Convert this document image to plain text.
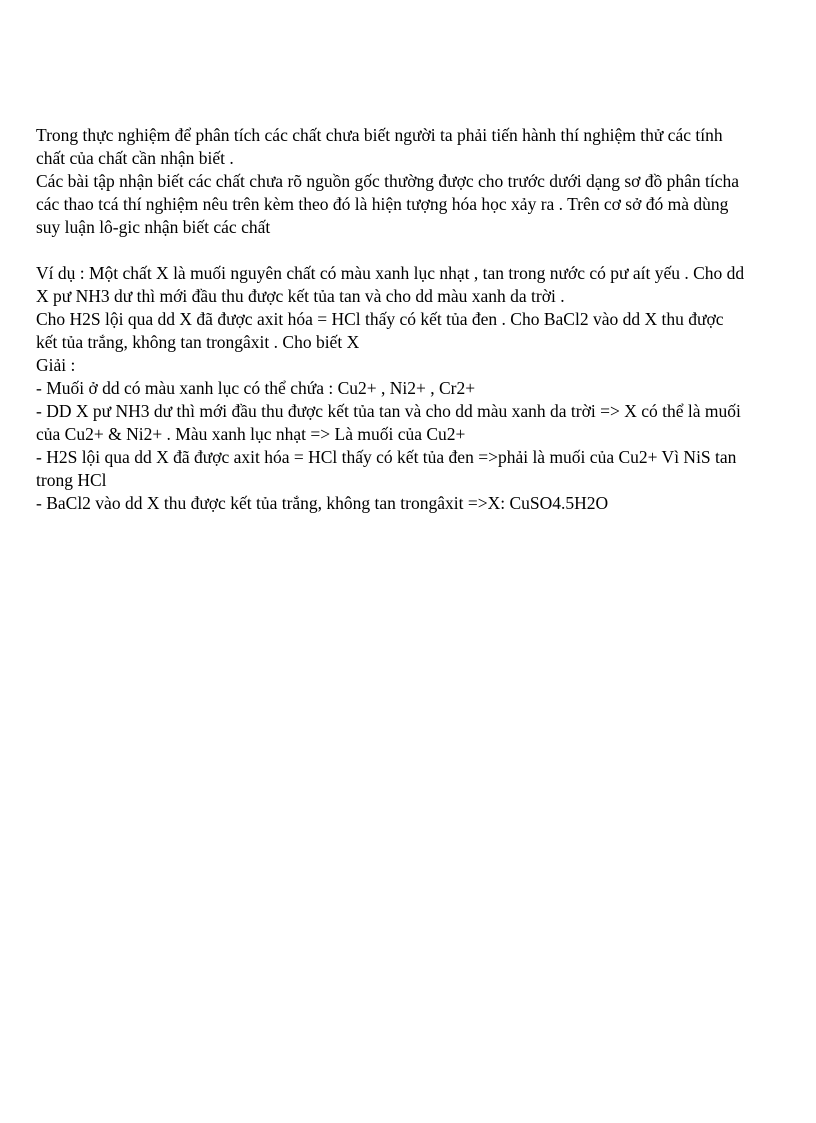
Trong thực nghiệm để phân tích các chất chưa biết người ta phải tiến hành thí nghiệm thử các tính
chất của chất cần nhận biết .
Các bài tập nhận biết các chất chưa rõ nguồn gốc thường được cho trước dưới dạng sơ đồ phân tícha
các thao tcá thí nghiệm nêu trên kèm theo đó là hiện tượng hóa học xảy ra . Trên cơ sở đó mà dùng
suy luận lô-gic nhận biết các chất
Ví dụ : Một chất X là muối nguyên chất có màu xanh lục nhạt , tan trong nước có pư aít yếu . Cho dd
X pư NH3 dư thì mới đầu thu được kết tủa tan và cho dd màu xanh da trời .
Cho H2S lội qua dd X đã được axit hóa = HCl thấy có kết tủa đen . Cho BaCl2 vào dd X thu được
kết tủa trắng, không tan trongâxit . Cho biết X
Giải :
- Muối ở dd có màu xanh lục có thể chứa : Cu2+ , Ni2+ , Cr2+
- DD X pư NH3 dư thì mới đầu thu được kết tủa tan và cho dd màu xanh da trời => X có thể là muối
của Cu2+ & Ni2+ . Màu xanh lục nhạt => Là muối của Cu2+
- H2S lội qua dd X đã được axit hóa = HCl thấy có kết tủa đen =>phải là muối của Cu2+ Vì NiS tan
trong HCl
- BaCl2 vào dd X thu được kết tủa trắng, không tan trongâxit =>X: CuSO4.5H2O
